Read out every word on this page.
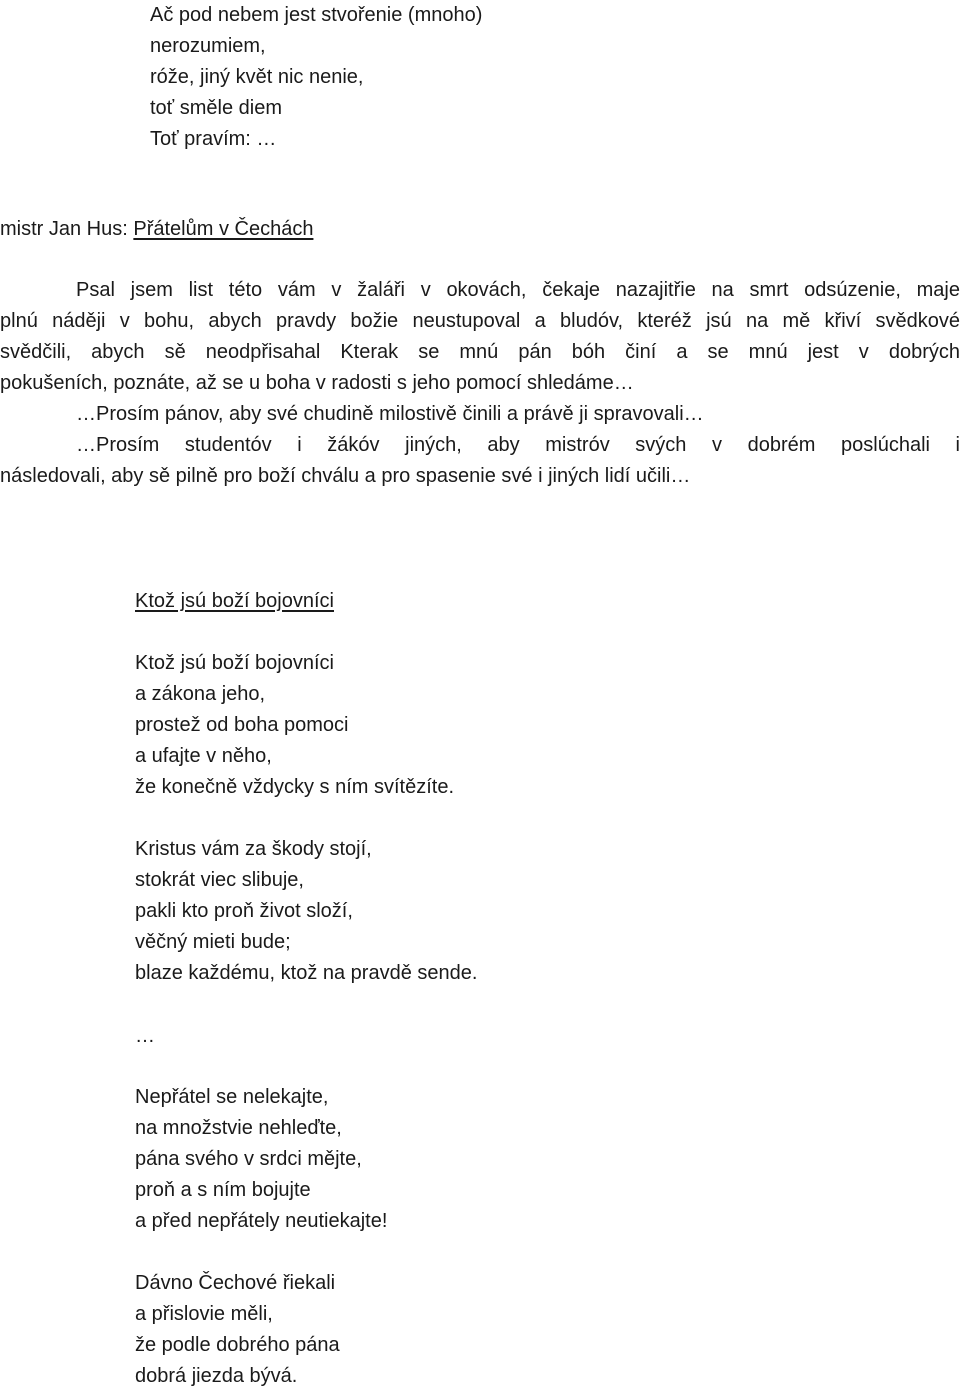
Ač pod nebem jest stvořenie (mnoho)

nerozumiem,

róže, jiný květ nic nenie,

toť směle diem

Toť pravím: …

mistr Jan Hus: Přátelům v Čechách

Psal jsem list této vám v žaláři v okovách, čekaje nazajitřie na smrt odsúzenie, maje
plnú náději v bohu, abych pravdy božie neustupoval a bludóv, kteréž jsú na mě křiví svědkové
svědčili, abych sě neodpřisahal Kterak se mnú pán bóh činí a se mnú jest v dobrých
pokušeních, poznáte, až se u boha v radosti s jeho pomocí shledáme…
…Prosím pánov, aby své chudině milostivě činili a právě ji spravovali…
…Prosím studentóv i žákóv jiných, aby mistróv svých v dobrém poslúchali i
následovali, aby sě pilně pro boží chválu a pro spasenie své i jiných lidí učili…

Ktož jsú boží bojovníci

Ktož jsú boží bojovníci

a zákona jeho,

prostež od boha pomoci

a ufajte v něho,

že konečně vždycky s ním svítězíte.

Kristus vám za škody stojí,

stokrát viec slibuje,

pakli kto proň život složí,

věčný mieti bude;

blaze každému, ktož na pravdě sende.

…

Nepřátel se nelekajte,

na množstvie nehleďte,

pána svého v srdci mějte,

proň a s ním bojujte

a před nepřátely neutiekajte!

Dávno Čechové řiekali

a přislovie měli,

že podle dobrého pána

dobrá jiezda bývá.
